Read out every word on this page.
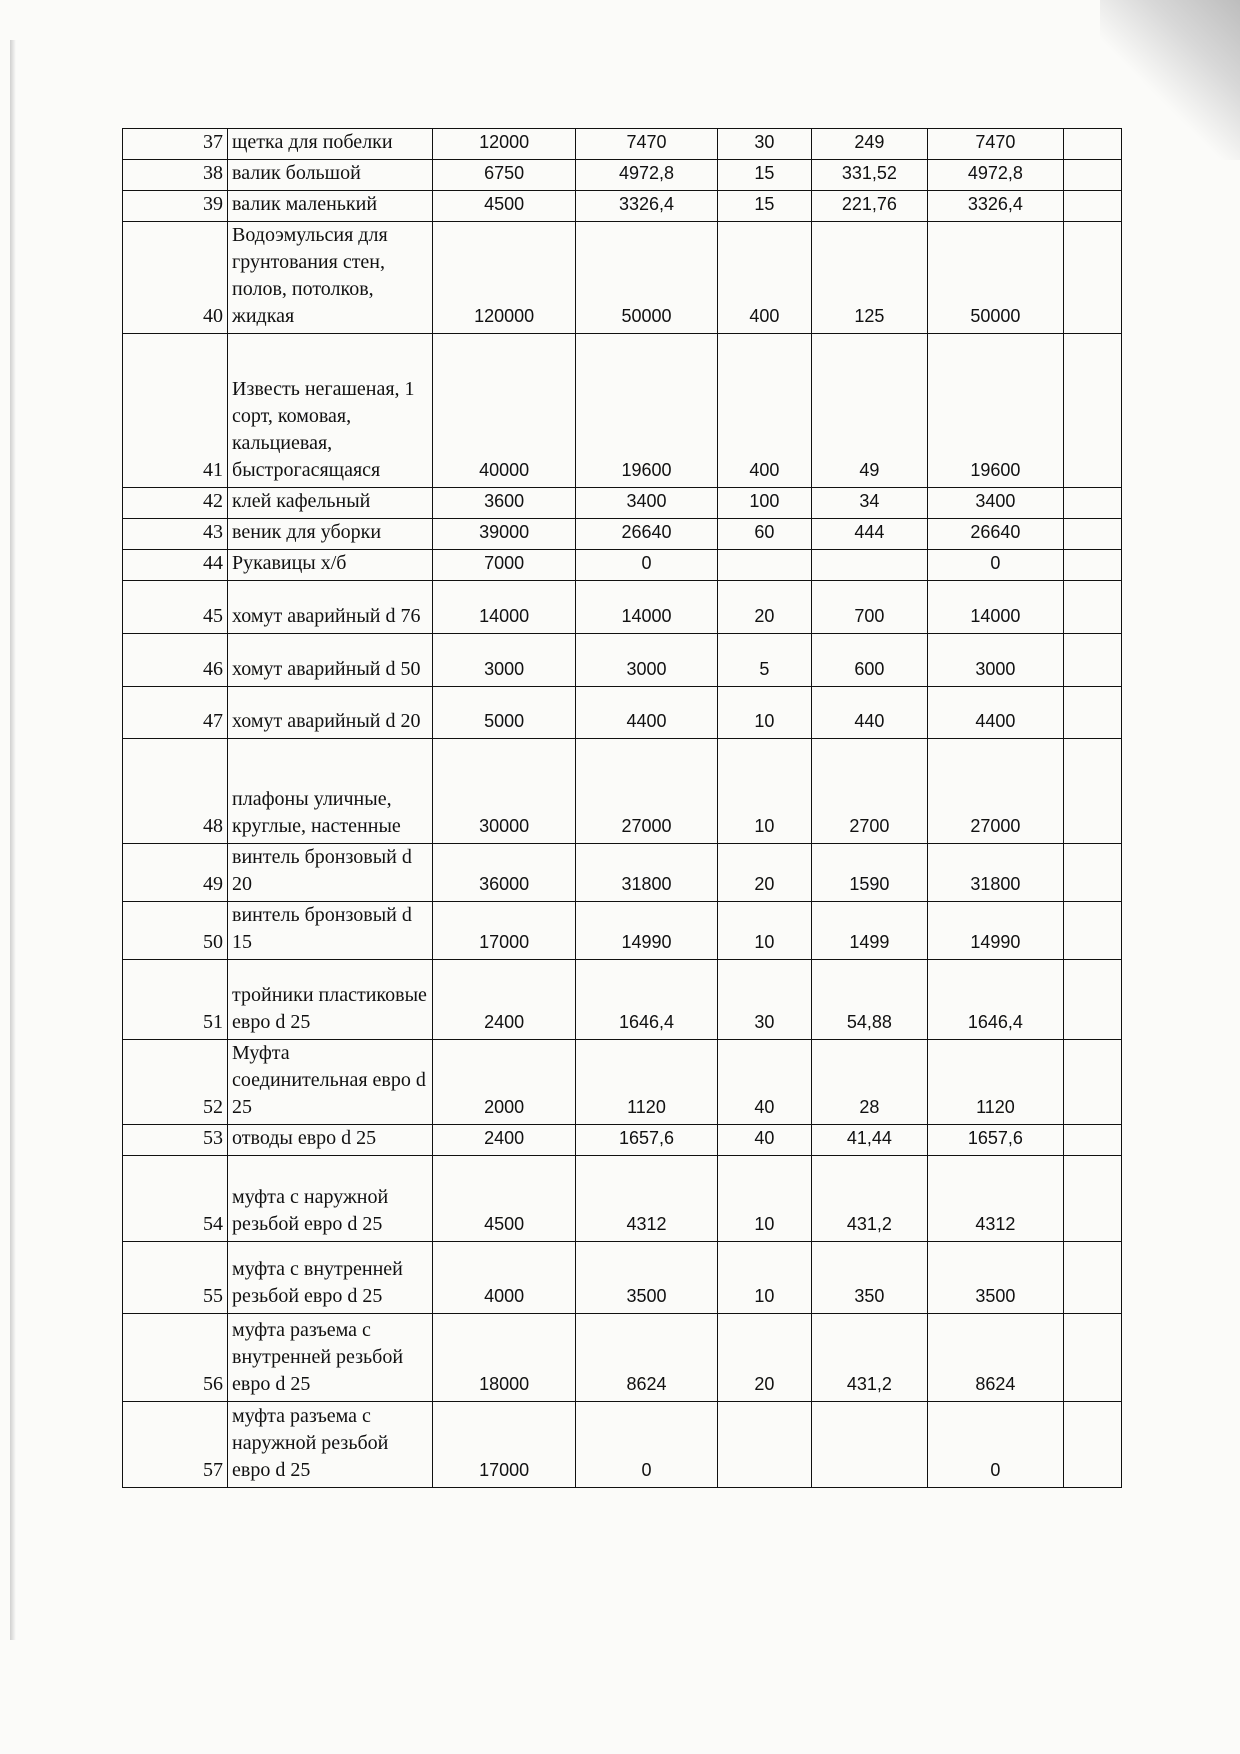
37	щетка для побелки	12000	7470	30	249	7470	
38	валик большой	6750	4972,8	15	331,52	4972,8	
39	валик маленький	4500	3326,4	15	221,76	3326,4	
40	Водоэмульсия для грунтования стен, полов, потолков, жидкая	120000	50000	400	125	50000	
41	Известь негашеная, 1 сорт, комовая, кальциевая, быстрогасящаяся	40000	19600	400	49	19600	
42	клей кафельный	3600	3400	100	34	3400	
43	веник для уборки	39000	26640	60	444	26640	
44	Рукавицы х/б	7000	0			0	
45	хомут аварийный d 76	14000	14000	20	700	14000	
46	хомут аварийный d 50	3000	3000	5	600	3000	
47	хомут аварийный d 20	5000	4400	10	440	4400	
48	плафоны уличные, круглые, настенные	30000	27000	10	2700	27000	
49	винтель бронзовый d 20	36000	31800	20	1590	31800	
50	винтель бронзовый d 15	17000	14990	10	1499	14990	
51	тройники пластиковые евро d 25	2400	1646,4	30	54,88	1646,4	
52	Муфта соединительная евро d 25	2000	1120	40	28	1120	
53	отводы евро d 25	2400	1657,6	40	41,44	1657,6	
54	муфта с наружной резьбой евро d 25	4500	4312	10	431,2	4312	
55	муфта с внутренней резьбой евро d 25	4000	3500	10	350	3500	
56	муфта разъема с внутренней резьбой евро d 25	18000	8624	20	431,2	8624	
57	муфта разъема с наружной резьбой евро d 25	17000	0			0	
